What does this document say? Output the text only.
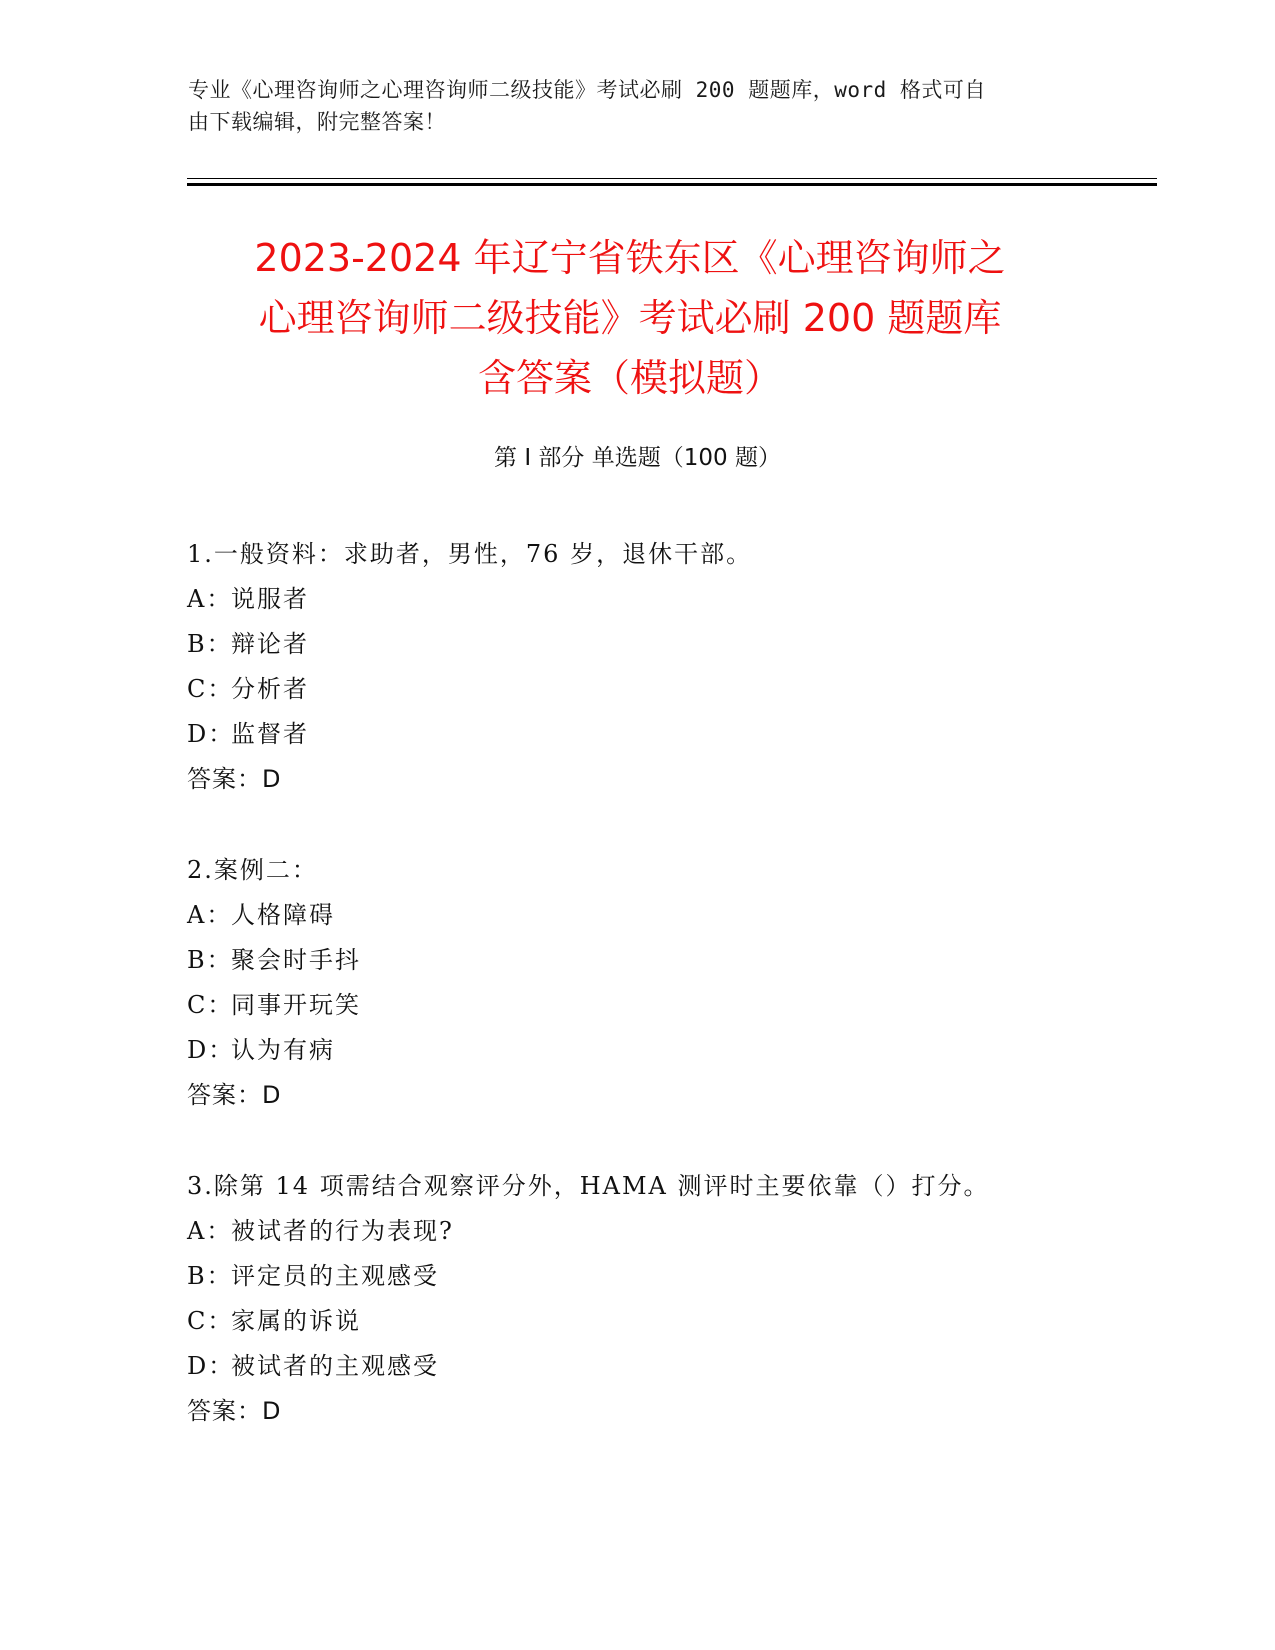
专业《心理咨询师之心理咨询师二级技能》考试必刷 200 题题库，word 格式可自
由下载编辑，附完整答案！
2023-2024 年辽宁省铁东区《心理咨询师之
心理咨询师二级技能》考试必刷 200 题题库
含答案（模拟题）
第 I 部分 单选题（100 题）
1.一般资料：求助者，男性，76 岁，退休干部。
A：
说服者
B：
辩论者
C：
分析者
D：
监督者
答案：D
2.案例二：
A：
人格障碍
B：
聚会时手抖
C：
同事开玩笑
D：
认为有病
答案：D
3.除第 14 项需结合观察评分外，HAMA 测评时主要依靠（）打分。
A：
被试者的行为表现?
B：
评定员的主观感受
C：
家属的诉说
D：
被试者的主观感受
答案：D
